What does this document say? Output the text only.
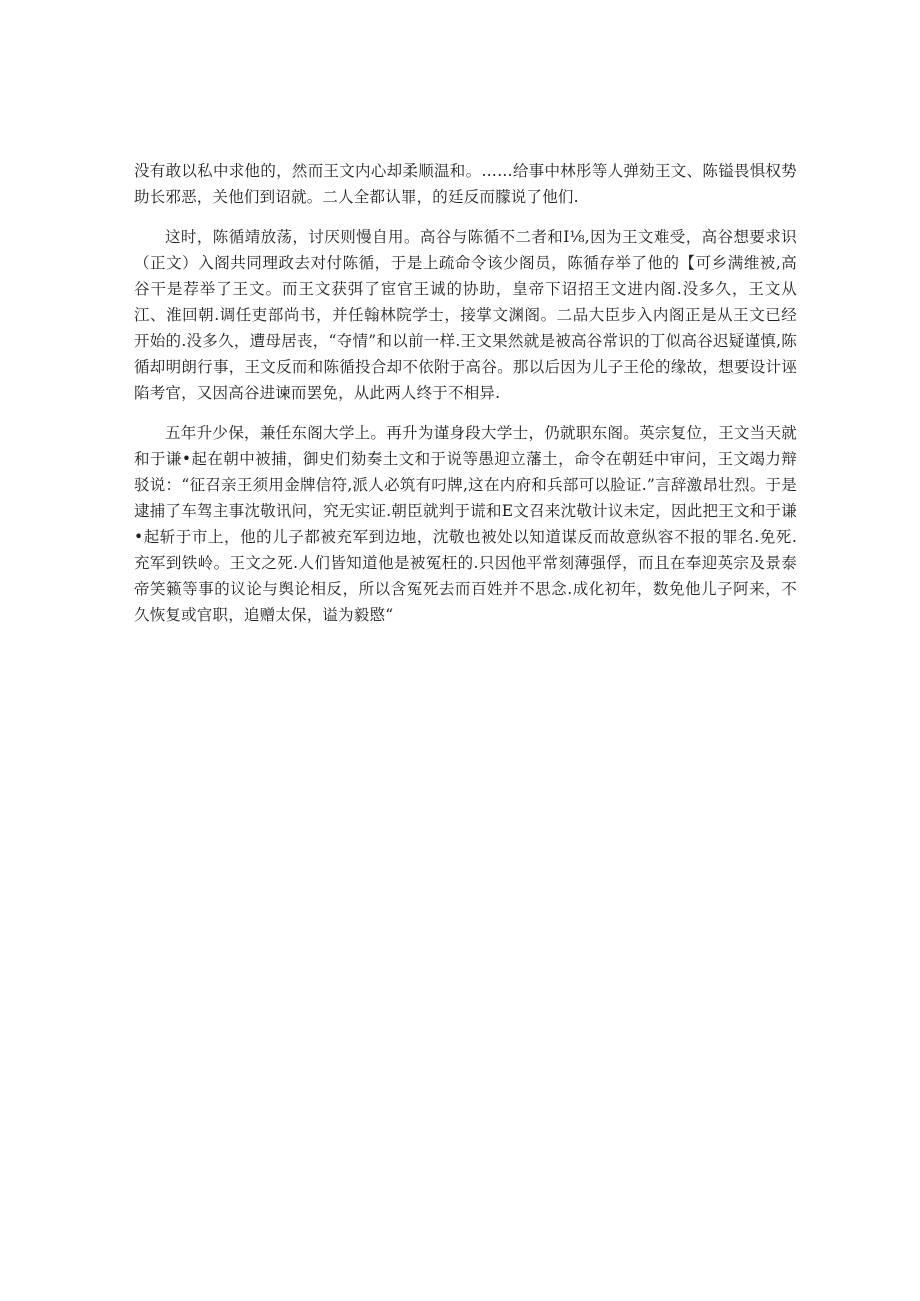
没有敢以私中求他的，然而王文内心却柔顺温和。……给事中林彤等人弹劾王文、陈镒畏惧权势助长邪恶，关他们到诏就。二人全都认罪，的廷反而朦说了他们.

这时，陈循靖放荡，讨厌则慢自用。高谷与陈循不二者和I⅛,因为王文难受，高谷想要求识（正文）入阁共同理政去对付陈循，于是上疏命令该少阁员，陈循存举了他的【可乡满维被,高谷干是荐举了王文。而王文获弭了宦官王诚的协助，皇帝下诏招王文进内阁.没多久，王文从江、淮回朝.调任吏部尚书，并任翰林院学士，接掌文渊阁。二品大臣步入内阁正是从王文已经开始的.没多久，遭母居丧，“夺情”和以前一样.王文果然就是被高谷常识的丁似高谷迟疑谨慎,陈循却明朗行事，王文反而和陈循投合却不依附于高谷。那以后因为儿子王伦的缘故，想要设计诬陷考官，又因高谷进谏而罢免，从此两人终于不相异.

五年升少保，兼任东阁大学上。再升为谨身段大学士，仍就职东阁。英宗复位，王文当天就和于谦•起在朝中被捕，御史们劾奏土文和于说等愚迎立藩土，命令在朝廷中审问，王文竭力辩驳说：“征召亲王须用金牌信符,派人必筑有叼牌,这在内府和兵部可以脸证.”言辞激昂壮烈。于是逮捕了车驾主事沈敬讯问，究无实证.朝臣就判于谎和E文召来沈敬计议未定，因此把王文和于谦•起斩于市上，他的儿子都被充军到边地，沈敬也被处以知道谋反而故意纵容不报的罪名.免死.充军到铁岭。王文之死.人们皆知道他是被冤枉的.只因他平常刻薄强俘，而且在奉迎英宗及景泰帝笑籁等事的议论与舆论相反，所以含冤死去而百姓并不思念.成化初年，数免他儿子阿来，不久恢复或官职，追赠太保，谥为毅愍“
